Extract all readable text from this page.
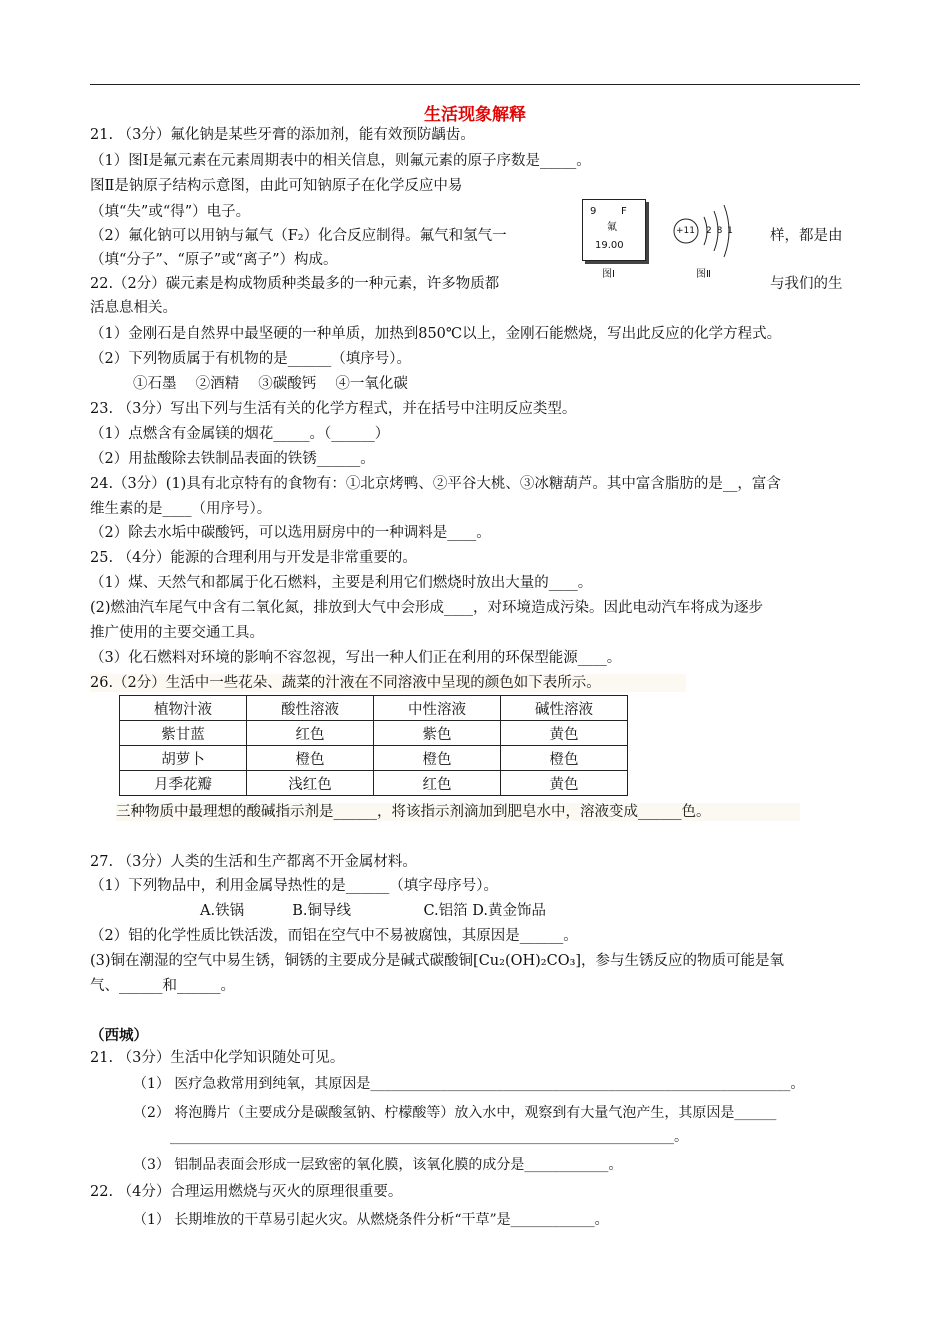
生活现象解释
21. （3分）氟化钠是某些牙膏的添加剂，能有效预防龋齿。
（1）图Ⅰ是氟元素在元素周期表中的相关信息，则氟元素的原子序数是_____。
图Ⅱ是钠原子结构示意图，由此可知钠原子在化学反应中易
（填“失”或“得”）电子。
（2）氟化钠可以用钠与氟气（F₂）化合反应制得。氟气和氢气一	样，都是由
（填“分子”、“原子”或“离子”）构成。
22.（2分）碳元素是构成物质种类最多的一种元素，许多物质都	与我们的生
活息息相关。
9 F
氟
19.00
图Ⅰ
+11 2 8 1
图Ⅱ
（1）金刚石是自然界中最坚硬的一种单质，加热到850℃以上，金刚石能燃烧，写出此反应的化学方程式。
（2）下列物质属于有机物的是______（填序号）。
①石墨　 ②酒精　 ③碳酸钙　 ④一氧化碳
23. （3分）写出下列与生活有关的化学方程式，并在括号中注明反应类型。
（1）点燃含有金属镁的烟花_____。（______）
（2）用盐酸除去铁制品表面的铁锈______。
24.（3分）(1)具有北京特有的食物有：①北京烤鸭、②平谷大桃、③冰糖葫芦。其中富含脂肪的是__，富含
维生素的是____（用序号）。
（2）除去水垢中碳酸钙，可以选用厨房中的一种调料是____。
25. （4分）能源的合理利用与开发是非常重要的。
（1）煤、天然气和都属于化石燃料，主要是利用它们燃烧时放出大量的____。
(2)燃油汽车尾气中含有二氧化氮，排放到大气中会形成____，对环境造成污染。因此电动汽车将成为逐步
推广使用的主要交通工具。
（3）化石燃料对环境的影响不容忽视，写出一种人们正在利用的环保型能源____。
26.（2分）生活中一些花朵、蔬菜的汁液在不同溶液中呈现的颜色如下表所示。
植物汁液	酸性溶液	中性溶液	碱性溶液
紫甘蓝	红色	紫色	黄色
胡萝卜	橙色	橙色	橙色
月季花瓣	浅红色	红色	黄色
三种物质中最理想的酸碱指示剂是______，将该指示剂滴加到肥皂水中，溶液变成______色。
27. （3分）人类的生活和生产都离不开金属材料。
（1）下列物品中，利用金属导热性的是______（填字母序号）。
A.铁锅　　　 B.铜导线　　　　　C.铝箔 D.黄金饰品
（2）铝的化学性质比铁活泼，而铝在空气中不易被腐蚀，其原因是______。
(3)铜在潮湿的空气中易生锈，铜锈的主要成分是碱式碳酸铜[Cu₂(OH)₂CO₃]，参与生锈反应的物质可能是氧
气、______和______。
（西城）
21. （3分）生活中化学知识随处可见。
（1） 医疗急救常用到纯氧，其原因是____________________________________________________________。
（2） 将泡腾片（主要成分是碳酸氢钠、柠檬酸等）放入水中，观察到有大量气泡产生，其原因是______
________________________________________________________________________。
（3） 铝制品表面会形成一层致密的氧化膜，该氧化膜的成分是____________。
22. （4分）合理运用燃烧与灭火的原理很重要。
（1） 长期堆放的干草易引起火灾。从燃烧条件分析“干草”是____________。
